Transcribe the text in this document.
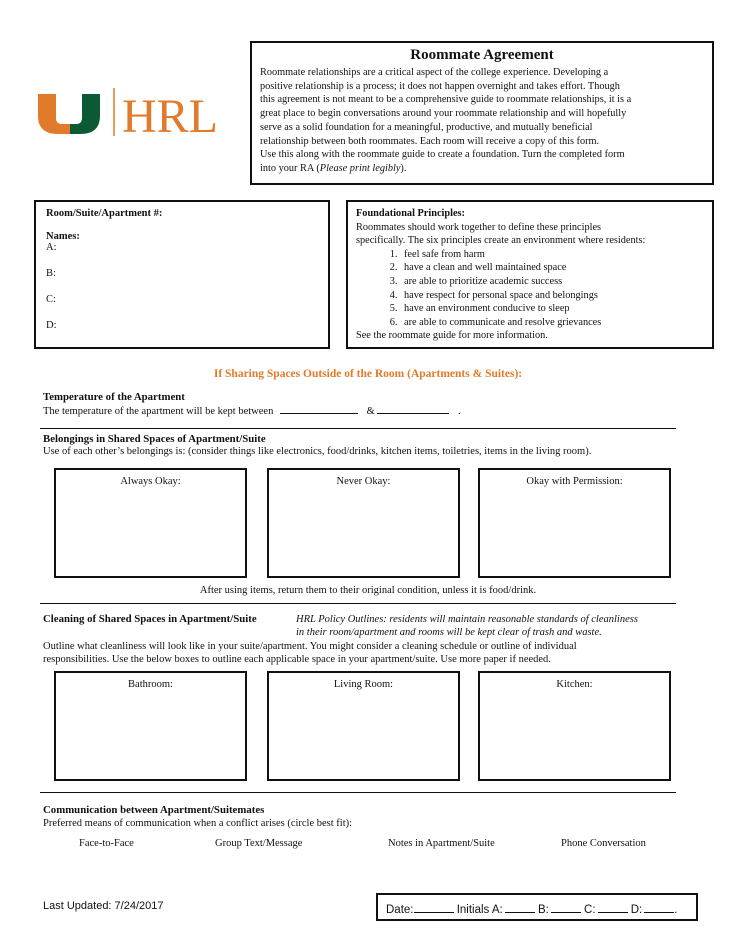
HRL
Roommate Agreement

Roommate relationships are a critical aspect of the college experience. Developing a
positive relationship is a process; it does not happen overnight and takes effort. Though
this agreement is not meant to be a comprehensive guide to roommate relationships, it is a
great place to begin conversations around your roommate relationship and will hopefully
serve as a solid foundation for a meaningful, productive, and mutually beneficial
relationship between both roommates. Each room will receive a copy of this form.
Use this along with the roommate guide to create a foundation. Turn the completed form
into your RA (Please print legibly).

Room/Suite/Apartment #:
Names:
A:
B:
C:
D:
Foundational Principles:
Roommates should work together to define these principles
specifically. The six principles create an environment where residents:
1. feel safe from harm
2. have a clean and well maintained space
3. are able to prioritize academic success
4. have respect for personal space and belongings
5. have an environment conducive to sleep
6. are able to communicate and resolve grievances
See the roommate guide for more information.
If Sharing Spaces Outside of the Room (Apartments & Suites):
Temperature of the Apartment
The temperature of the apartment will be kept between	&	.
Belongings in Shared Spaces of Apartment/Suite
Use of each other’s belongings is: (consider things like electronics, food/drinks, kitchen items, toiletries, items in the living room).
Always Okay:	Never Okay:	Okay with Permission:
After using items, return them to their original condition, unless it is food/drink.
Cleaning of Shared Spaces in Apartment/Suite	HRL Policy Outlines: residents will maintain reasonable standards of cleanliness
in their room/apartment and rooms will be kept clear of trash and waste.
Outline what cleanliness will look like in your suite/apartment. You might consider a cleaning schedule or outline of individual
responsibilities. Use the below boxes to outline each applicable space in your apartment/suite. Use more paper if needed.
Bathroom:	Living Room:	Kitchen:
Communication between Apartment/Suitemates
Preferred means of communication when a conflict arises (circle best fit):
Face-to-Face	Group Text/Message	Notes in Apartment/Suite	Phone Conversation
Last Updated: 7/24/2017	Date:	Initials A:	B:	C:	D:	.
